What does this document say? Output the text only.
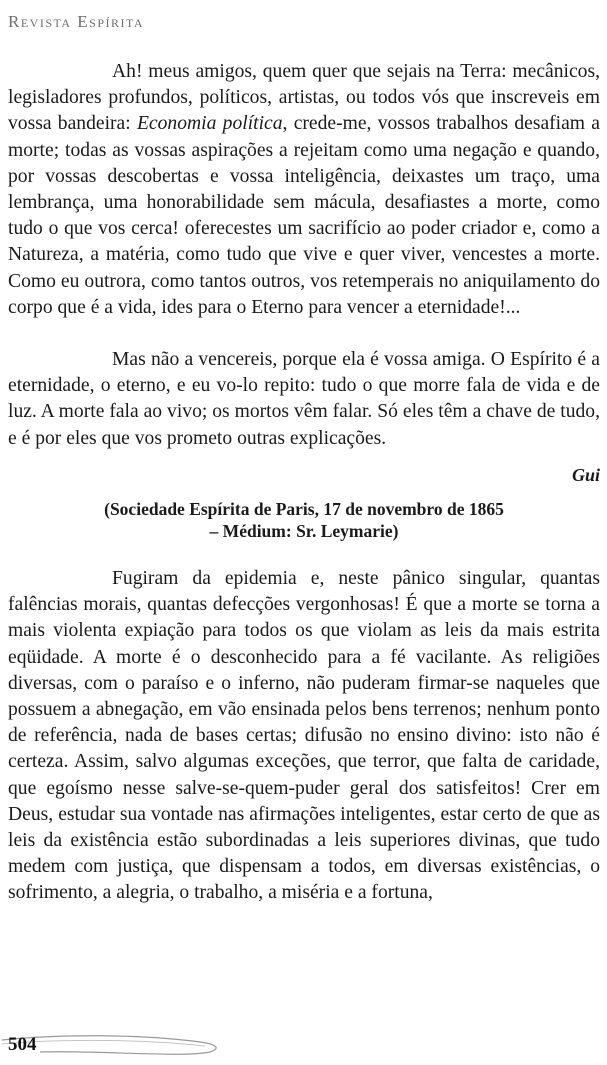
Revista Espírita

Ah! meus amigos, quem quer que sejais na Terra: mecânicos, legisladores profundos, políticos, artistas, ou todos vós que inscreveis em vossa bandeira: Economia política, crede-me, vossos trabalhos desafiam a morte; todas as vossas aspirações a rejeitam como uma negação e quando, por vossas descobertas e vossa inteligência, deixastes um traço, uma lembrança, uma honorabilidade sem mácula, desafiastes a morte, como tudo o que vos cerca! oferecestes um sacrifício ao poder criador e, como a Natureza, a matéria, como tudo que vive e quer viver, vencestes a morte. Como eu outrora, como tantos outros, vos retemperais no aniquilamento do corpo que é a vida, ides para o Eterno para vencer a eternidade!...

Mas não a vencereis, porque ela é vossa amiga. O Espírito é a eternidade, o eterno, e eu vo-lo repito: tudo o que morre fala de vida e de luz. A morte fala ao vivo; os mortos vêm falar. Só eles têm a chave de tudo, e é por eles que vos prometo outras explicações.

Gui
(Sociedade Espírita de Paris, 17 de novembro de 1865
– Médium: Sr. Leymarie)

Fugiram da epidemia e, neste pânico singular, quantas falências morais, quantas defecções vergonhosas! É que a morte se torna a mais violenta expiação para todos os que violam as leis da mais estrita eqüidade. A morte é o desconhecido para a fé vacilante. As religiões diversas, com o paraíso e o inferno, não puderam firmar-se naqueles que possuem a abnegação, em vão ensinada pelos bens terrenos; nenhum ponto de referência, nada de bases certas; difusão no ensino divino: isto não é certeza. Assim, salvo algumas exceções, que terror, que falta de caridade, que egoísmo nesse salve-se-quem-puder geral dos satisfeitos! Crer em Deus, estudar sua vontade nas afirmações inteligentes, estar certo de que as leis da existência estão subordinadas a leis superiores divinas, que tudo medem com justiça, que dispensam a todos, em diversas existências, o sofrimento, a alegria, o trabalho, a miséria e a fortuna,

504
